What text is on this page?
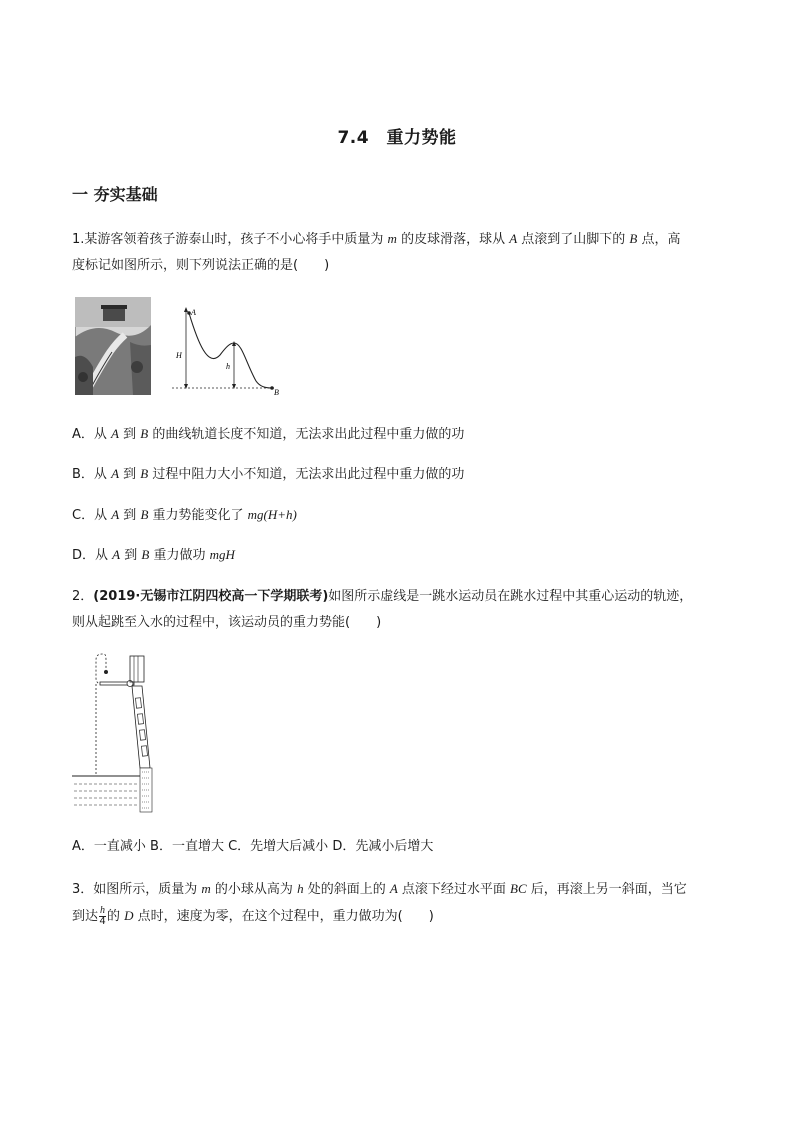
7.4　重力势能
一 夯实基础
1.某游客领着孩子游泰山时，孩子不小心将手中质量为 m 的皮球滑落，球从 A 点滚到了山脚下的 B 点，高
度标记如图所示，则下列说法正确的是(　　)
A
H
h
B
A．从 A 到 B 的曲线轨道长度不知道，无法求出此过程中重力做的功
B．从 A 到 B 过程中阻力大小不知道，无法求出此过程中重力做的功
C．从 A 到 B 重力势能变化了 mg(H+h)
D．从 A 到 B 重力做功 mgH
2．(2019·无锡市江阴四校高一下学期联考)如图所示虚线是一跳水运动员在跳水过程中其重心运动的轨迹，
则从起跳至入水的过程中，该运动员的重力势能(　　)
A．一直减小 B．一直增大 C．先增大后减小 D．先减小后增大
3．如图所示，质量为 m 的小球从高为 h 处的斜面上的 A 点滚下经过水平面 BC 后，再滚上另一斜面，当它
到达 $\frac{h}{4}$ 的 D 点时，速度为零，在这个过程中，重力做功为(　　)
